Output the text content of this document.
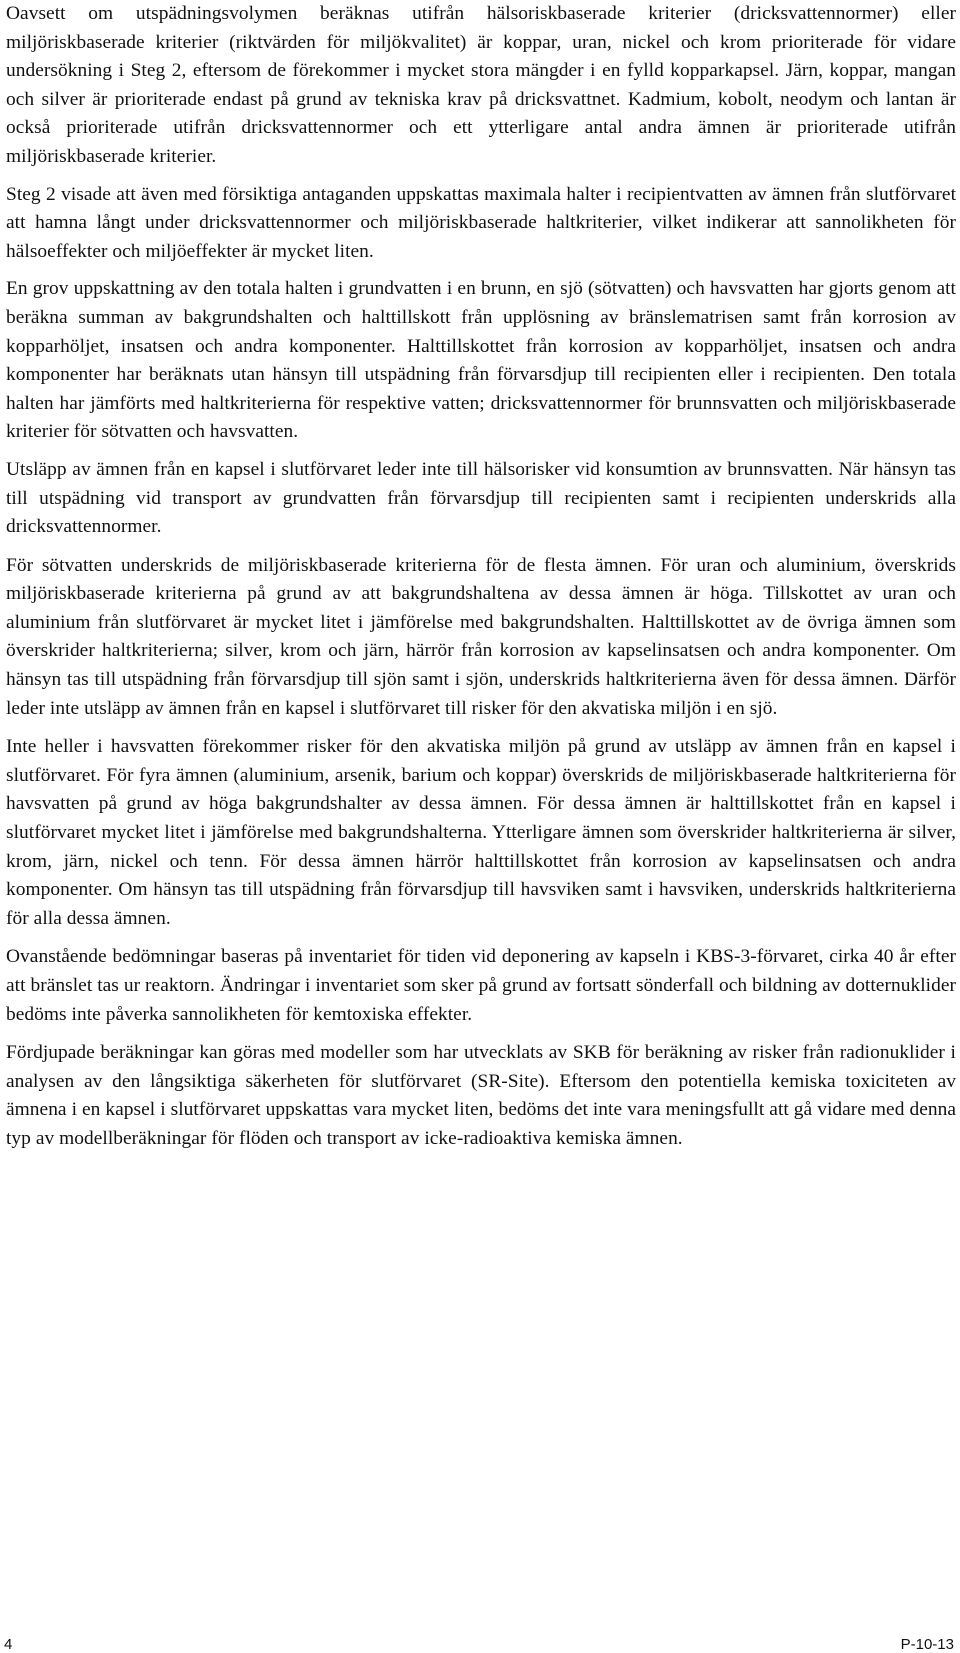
Oavsett om utspädningsvolymen beräknas utifrån hälsoriskbaserade kriterier (dricksvattennormer) eller miljöriskbaserade kriterier (riktvärden för miljökvalitet) är koppar, uran, nickel och krom prioriterade för vidare undersökning i Steg 2, eftersom de förekommer i mycket stora mängder i en fylld kopparkapsel. Järn, koppar, mangan och silver är prioriterade endast på grund av tekniska krav på dricksvattnet. Kadmium, kobolt, neodym och lantan är också prioriterade utifrån dricksvattennormer och ett ytterligare antal andra ämnen är prioriterade utifrån miljöriskbaserade kriterier.

Steg 2 visade att även med försiktiga antaganden uppskattas maximala halter i recipientvatten av ämnen från slutförvaret att hamna långt under dricksvattennormer och miljöriskbaserade haltkriterier, vilket indikerar att sannolikheten för hälsoeffekter och miljöeffekter är mycket liten.

En grov uppskattning av den totala halten i grundvatten i en brunn, en sjö (sötvatten) och havsvatten har gjorts genom att beräkna summan av bakgrundshalten och halttillskott från upplösning av bränslematrisen samt från korrosion av kopparhöljet, insatsen och andra komponenter. Halttillskottet från korrosion av kopparhöljet, insatsen och andra komponenter har beräknats utan hänsyn till utspädning från förvarsdjup till recipienten eller i recipienten. Den totala halten har jämförts med haltkriterierna för respektive vatten; dricksvattennormer för brunnsvatten och miljöriskbaserade kriterier för sötvatten och havsvatten.

Utsläpp av ämnen från en kapsel i slutförvaret leder inte till hälsorisker vid konsumtion av brunnsvatten. När hänsyn tas till utspädning vid transport av grundvatten från förvarsdjup till recipienten samt i recipienten underskrids alla dricksvattennormer.

För sötvatten underskrids de miljöriskbaserade kriterierna för de flesta ämnen. För uran och aluminium, överskrids miljöriskbaserade kriterierna på grund av att bakgrundshaltena av dessa ämnen är höga. Tillskottet av uran och aluminium från slutförvaret är mycket litet i jämförelse med bakgrundshalten. Halttillskottet av de övriga ämnen som överskrider haltkriterierna; silver, krom och järn, härrör från korrosion av kapselinsatsen och andra komponenter. Om hänsyn tas till utspädning från förvarsdjup till sjön samt i sjön, underskrids haltkriterierna även för dessa ämnen. Därför leder inte utsläpp av ämnen från en kapsel i slutförvaret till risker för den akvatiska miljön i en sjö.

Inte heller i havsvatten förekommer risker för den akvatiska miljön på grund av utsläpp av ämnen från en kapsel i slutförvaret. För fyra ämnen (aluminium, arsenik, barium och koppar) överskrids de miljöriskbaserade haltkriterierna för havsvatten på grund av höga bakgrundshalter av dessa ämnen. För dessa ämnen är halttillskottet från en kapsel i slutförvaret mycket litet i jämförelse med bakgrundshalterna. Ytterligare ämnen som överskrider haltkriterierna är silver, krom, järn, nickel och tenn. För dessa ämnen härrör halttillskottet från korrosion av kapselinsatsen och andra komponenter. Om hänsyn tas till utspädning från förvarsdjup till havsviken samt i havsviken, underskrids haltkriterierna för alla dessa ämnen.

Ovanstående bedömningar baseras på inventariet för tiden vid deponering av kapseln i KBS-3-förvaret, cirka 40 år efter att bränslet tas ur reaktorn. Ändringar i inventariet som sker på grund av fortsatt sönderfall och bildning av dotternuklider bedöms inte påverka sannolikheten för kemtoxiska effekter.

Fördjupade beräkningar kan göras med modeller som har utvecklats av SKB för beräkning av risker från radionuklider i analysen av den långsiktiga säkerheten för slutförvaret (SR-Site). Eftersom den potentiella kemiska toxiciteten av ämnena i en kapsel i slutförvaret uppskattas vara mycket liten, bedöms det inte vara meningsfullt att gå vidare med denna typ av modellberäkningar för flöden och transport av icke-radioaktiva kemiska ämnen.

4	P-10-13
